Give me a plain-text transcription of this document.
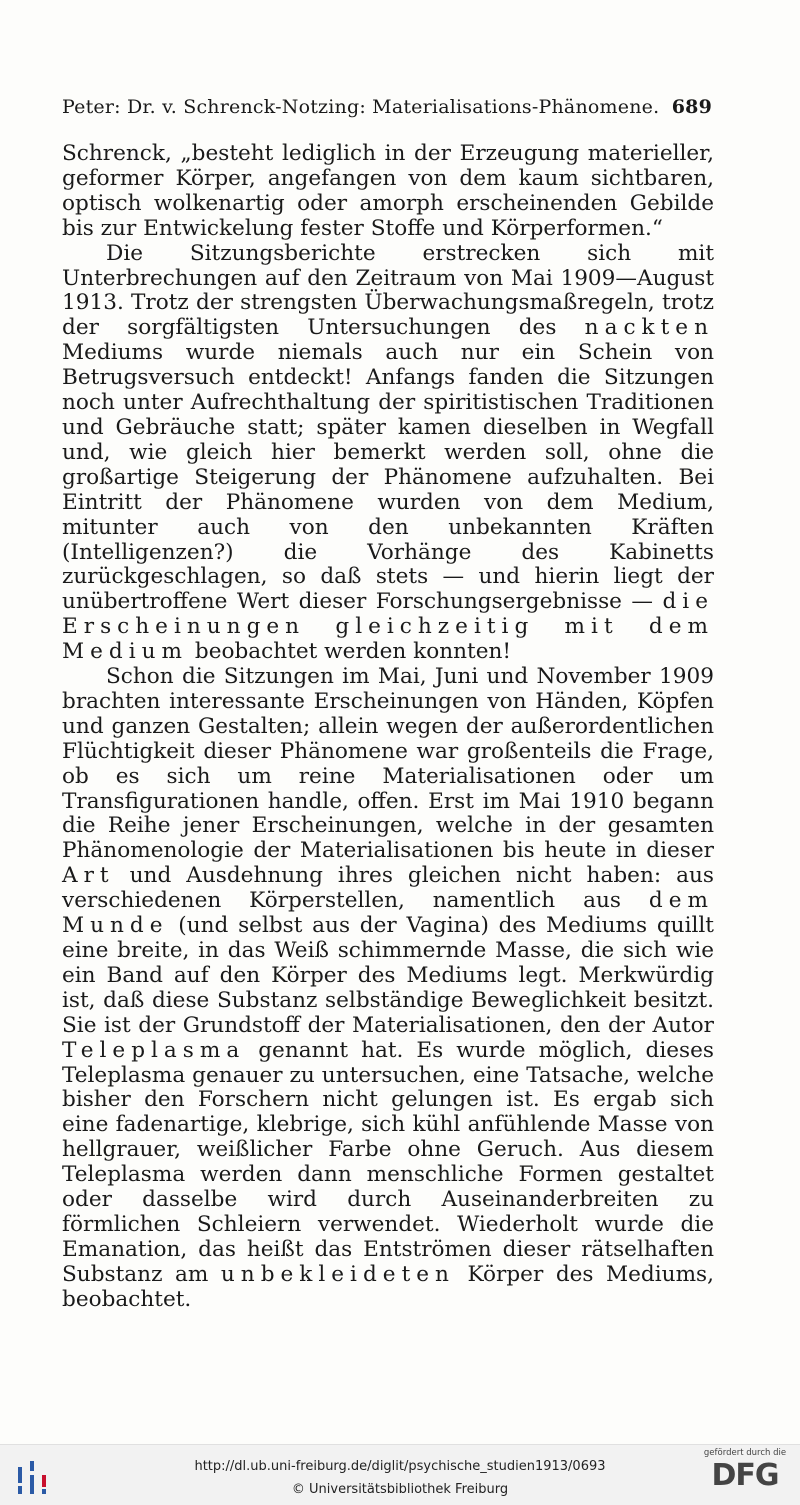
Peter: Dr. v. Schrenck-Notzing: Materialisations-Phänomene. 689

Schrenck, „besteht lediglich in der Erzeugung materieller, geformer Körper, angefangen von dem kaum sichtbaren, optisch wolkenartig oder amorph erscheinenden Gebilde bis zur Entwickelung fester Stoffe und Körperformen.“

Die Sitzungsberichte erstrecken sich mit Unterbrechungen auf den Zeitraum von Mai 1909—August 1913. Trotz der strengsten Überwachungsmaßregeln, trotz der sorgfältigsten Untersuchungen des nackten Mediums wurde niemals auch nur ein Schein von Betrugsversuch entdeckt! Anfangs fanden die Sitzungen noch unter Aufrechthaltung der spiritistischen Traditionen und Gebräuche statt; später kamen dieselben in Wegfall und, wie gleich hier bemerkt werden soll, ohne die großartige Steigerung der Phänomene aufzuhalten. Bei Eintritt der Phänomene wurden von dem Medium, mitunter auch von den unbekannten Kräften (Intelligenzen?) die Vorhänge des Kabinetts zurückgeschlagen, so daß stets — und hierin liegt der unübertroffene Wert dieser Forschungsergebnisse — die Erscheinungen gleichzeitig mit dem Medium beobachtet werden konnten!

Schon die Sitzungen im Mai, Juni und November 1909 brachten interessante Erscheinungen von Händen, Köpfen und ganzen Gestalten; allein wegen der außerordentlichen Flüchtigkeit dieser Phänomene war großenteils die Frage, ob es sich um reine Materialisationen oder um Transfigurationen handle, offen. Erst im Mai 1910 begann die Reihe jener Erscheinungen, welche in der gesamten Phänomenologie der Materialisationen bis heute in dieser Art und Ausdehnung ihres gleichen nicht haben: aus verschiedenen Körperstellen, namentlich aus dem Munde (und selbst aus der Vagina) des Mediums quillt eine breite, in das Weiß schimmernde Masse, die sich wie ein Band auf den Körper des Mediums legt. Merkwürdig ist, daß diese Substanz selbständige Beweglichkeit besitzt. Sie ist der Grundstoff der Materialisationen, den der Autor Teleplasma genannt hat. Es wurde möglich, dieses Teleplasma genauer zu untersuchen, eine Tatsache, welche bisher den Forschern nicht gelungen ist. Es ergab sich eine fadenartige, klebrige, sich kühl anfühlende Masse von hellgrauer, weißlicher Farbe ohne Geruch. Aus diesem Teleplasma werden dann menschliche Formen gestaltet oder dasselbe wird durch Auseinanderbreiten zu förmlichen Schleiern verwendet. Wiederholt wurde die Emanation, das heißt das Entströmen dieser rätselhaften Substanz am unbekleideten Körper des Mediums, beobachtet.

http://dl.ub.uni-freiburg.de/diglit/psychische_studien1913/0693
© Universitätsbibliothek Freiburg
gefördert durch die
DFG
